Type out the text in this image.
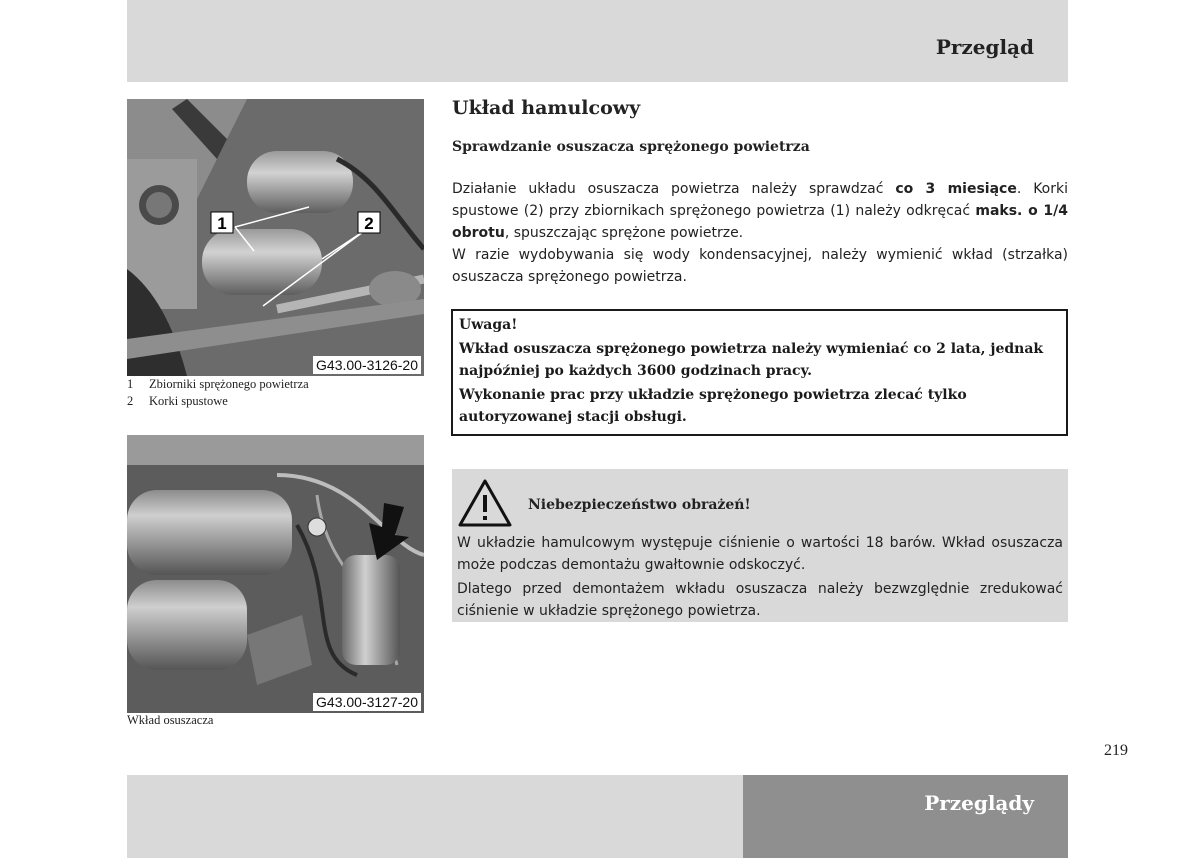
Przegląd
1	2
G43.00-3126-20
1 Zbiorniki sprężonego powietrza
2 Korki spustowe
G43.00-3127-20
Wkład osuszacza
Układ hamulcowy
Sprawdzanie osuszacza sprężonego powietrza

Działanie układu osuszacza powietrza należy sprawdzać co 3 miesiące. Korki spustowe (2) przy zbiornikach sprężonego powietrza (1) należy odkręcać maks. o 1/4 obrotu, spuszczając sprężone powietrze.

W razie wydobywania się wody kondensacyjnej, należy wymienić wkład (strzałka) osuszacza sprężonego powietrza.

Uwaga!

Wkład osuszacza sprężonego powietrza należy wymieniać co 2 lata, jednak najpóźniej po każdych 3600 godzinach pracy.

Wykonanie prac przy układzie sprężonego powietrza zlecać tylko autoryzowanej stacji obsługi.

Niebezpieczeństwo obrażeń!

W układzie hamulcowym występuje ciśnienie o wartości 18 barów. Wkład osuszacza może podczas demontażu gwałtownie odskoczyć.

Dlatego przed demontażem wkładu osuszacza należy bezwzględnie zredukować ciśnienie w układzie sprężonego powietrza.

219
Przeglądy
